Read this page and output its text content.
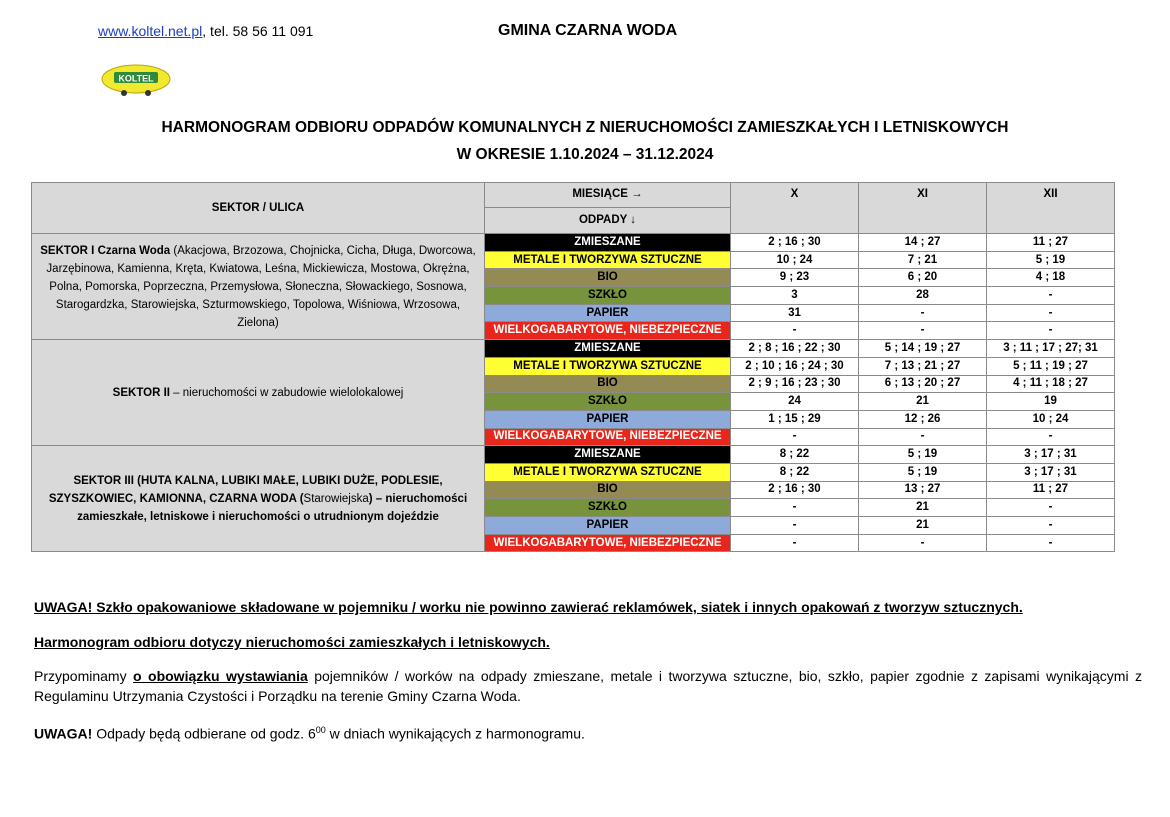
www.koltel.net.pl, tel. 58 56 11 091	GMINA CZARNA WODA
KOLTEL
HARMONOGRAM ODBIORU ODPADÓW KOMUNALNYCH Z NIERUCHOMOŚCI ZAMIESZKAŁYCH I LETNISKOWYCH
W OKRESIE 1.10.2024 – 31.12.2024
SEKTOR / ULICA	MIESIĄCE →	X	XI	XII
	ODPADY ↓			
SEKTOR I Czarna Woda (Akacjowa, Brzozowa, Chojnicka, Cicha, Długa, Dworcowa, Jarzębinowa, Kamienna, Kręta, Kwiatowa, Leśna, Mickiewicza, Mostowa, Okrężna, Polna, Pomorska, Poprzeczna, Przemysłowa, Słoneczna, Słowackiego, Sosnowa, Starogardzka, Starowiejska, Szturmowskiego, Topolowa, Wiśniowa, Wrzosowa, Zielona)	ZMIESZANE	2 ; 16 ; 30	14 ; 27	11 ; 27
	METALE I TWORZYWA SZTUCZNE	10 ; 24	7 ; 21	5 ; 19
	BIO	9 ; 23	6 ; 20	4 ; 18
	SZKŁO	3	28	-
	PAPIER	31	-	-
	WIELKOGABARYTOWE, NIEBEZPIECZNE	-	-	-
SEKTOR II – nieruchomości w zabudowie wielolokalowej	ZMIESZANE	2 ; 8 ; 16 ; 22 ; 30	5 ; 14 ; 19 ; 27	3 ; 11 ; 17 ; 27; 31
	METALE I TWORZYWA SZTUCZNE	2 ; 10 ; 16 ; 24 ; 30	7 ; 13 ; 21 ; 27	5 ; 11 ; 19 ; 27
	BIO	2 ; 9 ; 16 ; 23 ; 30	6 ; 13 ; 20 ; 27	4 ; 11 ; 18 ; 27
	SZKŁO	24	21	19
	PAPIER	1 ; 15 ; 29	12 ; 26	10 ; 24
	WIELKOGABARYTOWE, NIEBEZPIECZNE	-	-	-
SEKTOR III (HUTA KALNA, LUBIKI MAŁE, LUBIKI DUŻE, PODLESIE, SZYSZKOWIEC, KAMIONNA, CZARNA WODA (Starowiejska) – nieruchomości zamieszkałe, letniskowe i nieruchomości o utrudnionym dojeździe	ZMIESZANE	8 ; 22	5 ; 19	3 ; 17 ; 31
	METALE I TWORZYWA SZTUCZNE	8 ; 22	5 ; 19	3 ; 17 ; 31
	BIO	2 ; 16 ; 30	13 ; 27	11 ; 27
	SZKŁO	-	21	-
	PAPIER	-	21	-
	WIELKOGABARYTOWE, NIEBEZPIECZNE	-	-	-
UWAGA! Szkło opakowaniowe składowane w pojemniku / worku nie powinno zawierać reklamówek, siatek i innych opakowań z tworzyw sztucznych.
Harmonogram odbioru dotyczy nieruchomości zamieszkałych i letniskowych.
Przypominamy o obowiązku wystawiania pojemników / worków na odpady zmieszane, metale i tworzywa sztuczne, bio, szkło, papier zgodnie z zapisami wynikającymi z Regulaminu Utrzymania Czystości i Porządku na terenie Gminy Czarna Woda.
UWAGA! Odpady będą odbierane od godz. $6^{00}$ w dniach wynikających z harmonogramu.
